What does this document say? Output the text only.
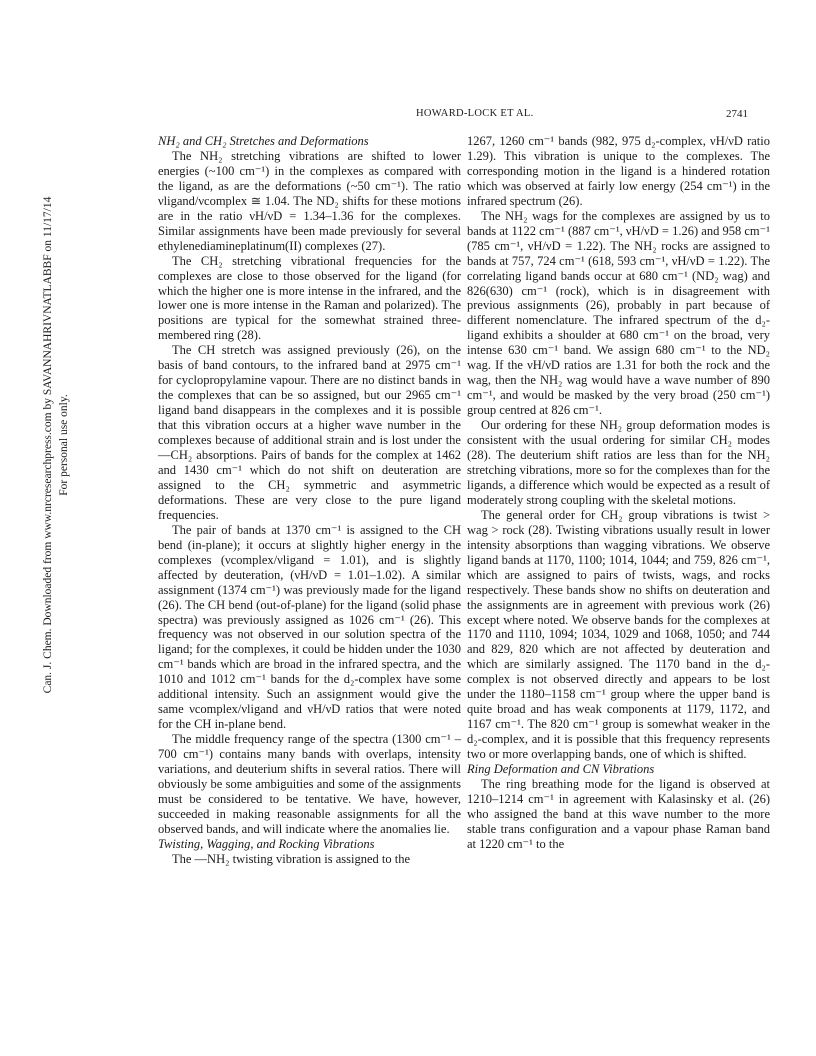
HOWARD-LOCK ET AL.	2741
Can. J. Chem. Downloaded from www.nrcresearchpress.com by SAVANNAHRIVNATLABBF on 11/17/14 For personal use only.
NH₂ and CH₂ Stretches and Deformations

The NH₂ stretching vibrations are shifted to lower energies (~100 cm⁻¹) in the complexes as compared with the ligand, as are the deformations (~50 cm⁻¹). The ratio νligand/νcomplex ≅ 1.04. The ND₂ shifts for these motions are in the ratio νH/νD = 1.34–1.36 for the complexes. Similar assignments have been made previously for several ethylenediamineplatinum(II) complexes (27).

The CH₂ stretching vibrational frequencies for the complexes are close to those observed for the ligand (for which the higher one is more intense in the infrared, and the lower one is more intense in the Raman and polarized). The positions are typical for the somewhat strained three-membered ring (28).

The CH stretch was assigned previously (26), on the basis of band contours, to the infrared band at 2975 cm⁻¹ for cyclopropylamine vapour. There are no distinct bands in the complexes that can be so assigned, but our 2965 cm⁻¹ ligand band disappears in the complexes and it is possible that this vibration occurs at a higher wave number in the complexes because of additional strain and is lost under the —CH₂ absorptions. Pairs of bands for the complex at 1462 and 1430 cm⁻¹ which do not shift on deuteration are assigned to the CH₂ symmetric and asymmetric deformations. These are very close to the pure ligand frequencies.

The pair of bands at 1370 cm⁻¹ is assigned to the CH bend (in-plane); it occurs at slightly higher energy in the complexes (νcomplex/νligand = 1.01), and is slightly affected by deuteration, (νH/νD = 1.01–1.02). A similar assignment (1374 cm⁻¹) was previously made for the ligand (26). The CH bend (out-of-plane) for the ligand (solid phase spectra) was previously assigned as 1026 cm⁻¹ (26). This frequency was not observed in our solution spectra of the ligand; for the complexes, it could be hidden under the 1030 cm⁻¹ bands which are broad in the infrared spectra, and the 1010 and 1012 cm⁻¹ bands for the d₂-complex have some additional intensity. Such an assignment would give the same νcomplex/νligand and νH/νD ratios that were noted for the CH in-plane bend.

The middle frequency range of the spectra (1300 cm⁻¹ – 700 cm⁻¹) contains many bands with overlaps, intensity variations, and deuterium shifts in several ratios. There will obviously be some ambiguities and some of the assignments must be considered to be tentative. We have, however, succeeded in making reasonable assignments for all the observed bands, and will indicate where the anomalies lie.

Twisting, Wagging, and Rocking Vibrations

The —NH₂ twisting vibration is assigned to the

1267, 1260 cm⁻¹ bands (982, 975 d₂-complex, νH/νD ratio 1.29). This vibration is unique to the complexes. The corresponding motion in the ligand is a hindered rotation which was observed at fairly low energy (254 cm⁻¹) in the infrared spectrum (26).

The NH₂ wags for the complexes are assigned by us to bands at 1122 cm⁻¹ (887 cm⁻¹, νH/νD = 1.26) and 958 cm⁻¹ (785 cm⁻¹, νH/νD = 1.22). The NH₂ rocks are assigned to bands at 757, 724 cm⁻¹ (618, 593 cm⁻¹, νH/νD = 1.22). The correlating ligand bands occur at 680 cm⁻¹ (ND₂ wag) and 826(630) cm⁻¹ (rock), which is in disagreement with previous assignments (26), probably in part because of different nomenclature. The infrared spectrum of the d₂-ligand exhibits a shoulder at 680 cm⁻¹ on the broad, very intense 630 cm⁻¹ band. We assign 680 cm⁻¹ to the ND₂ wag. If the νH/νD ratios are 1.31 for both the rock and the wag, then the NH₂ wag would have a wave number of 890 cm⁻¹, and would be masked by the very broad (250 cm⁻¹) group centred at 826 cm⁻¹.

Our ordering for these NH₂ group deformation modes is consistent with the usual ordering for similar CH₂ modes (28). The deuterium shift ratios are less than for the NH₂ stretching vibrations, more so for the complexes than for the ligands, a difference which would be expected as a result of moderately strong coupling with the skeletal motions.

The general order for CH₂ group vibrations is twist > wag > rock (28). Twisting vibrations usually result in lower intensity absorptions than wagging vibrations. We observe ligand bands at 1170, 1100; 1014, 1044; and 759, 826 cm⁻¹, which are assigned to pairs of twists, wags, and rocks respectively. These bands show no shifts on deuteration and the assignments are in agreement with previous work (26) except where noted. We observe bands for the complexes at 1170 and 1110, 1094; 1034, 1029 and 1068, 1050; and 744 and 829, 820 which are not affected by deuteration and which are similarly assigned. The 1170 band in the d₂-complex is not observed directly and appears to be lost under the 1180–1158 cm⁻¹ group where the upper band is quite broad and has weak components at 1179, 1172, and 1167 cm⁻¹. The 820 cm⁻¹ group is somewhat weaker in the d₂-complex, and it is possible that this frequency represents two or more overlapping bands, one of which is shifted.

Ring Deformation and CN Vibrations

The ring breathing mode for the ligand is observed at 1210–1214 cm⁻¹ in agreement with Kalasinsky et al. (26) who assigned the band at this wave number to the more stable trans configuration and a vapour phase Raman band at 1220 cm⁻¹ to the
